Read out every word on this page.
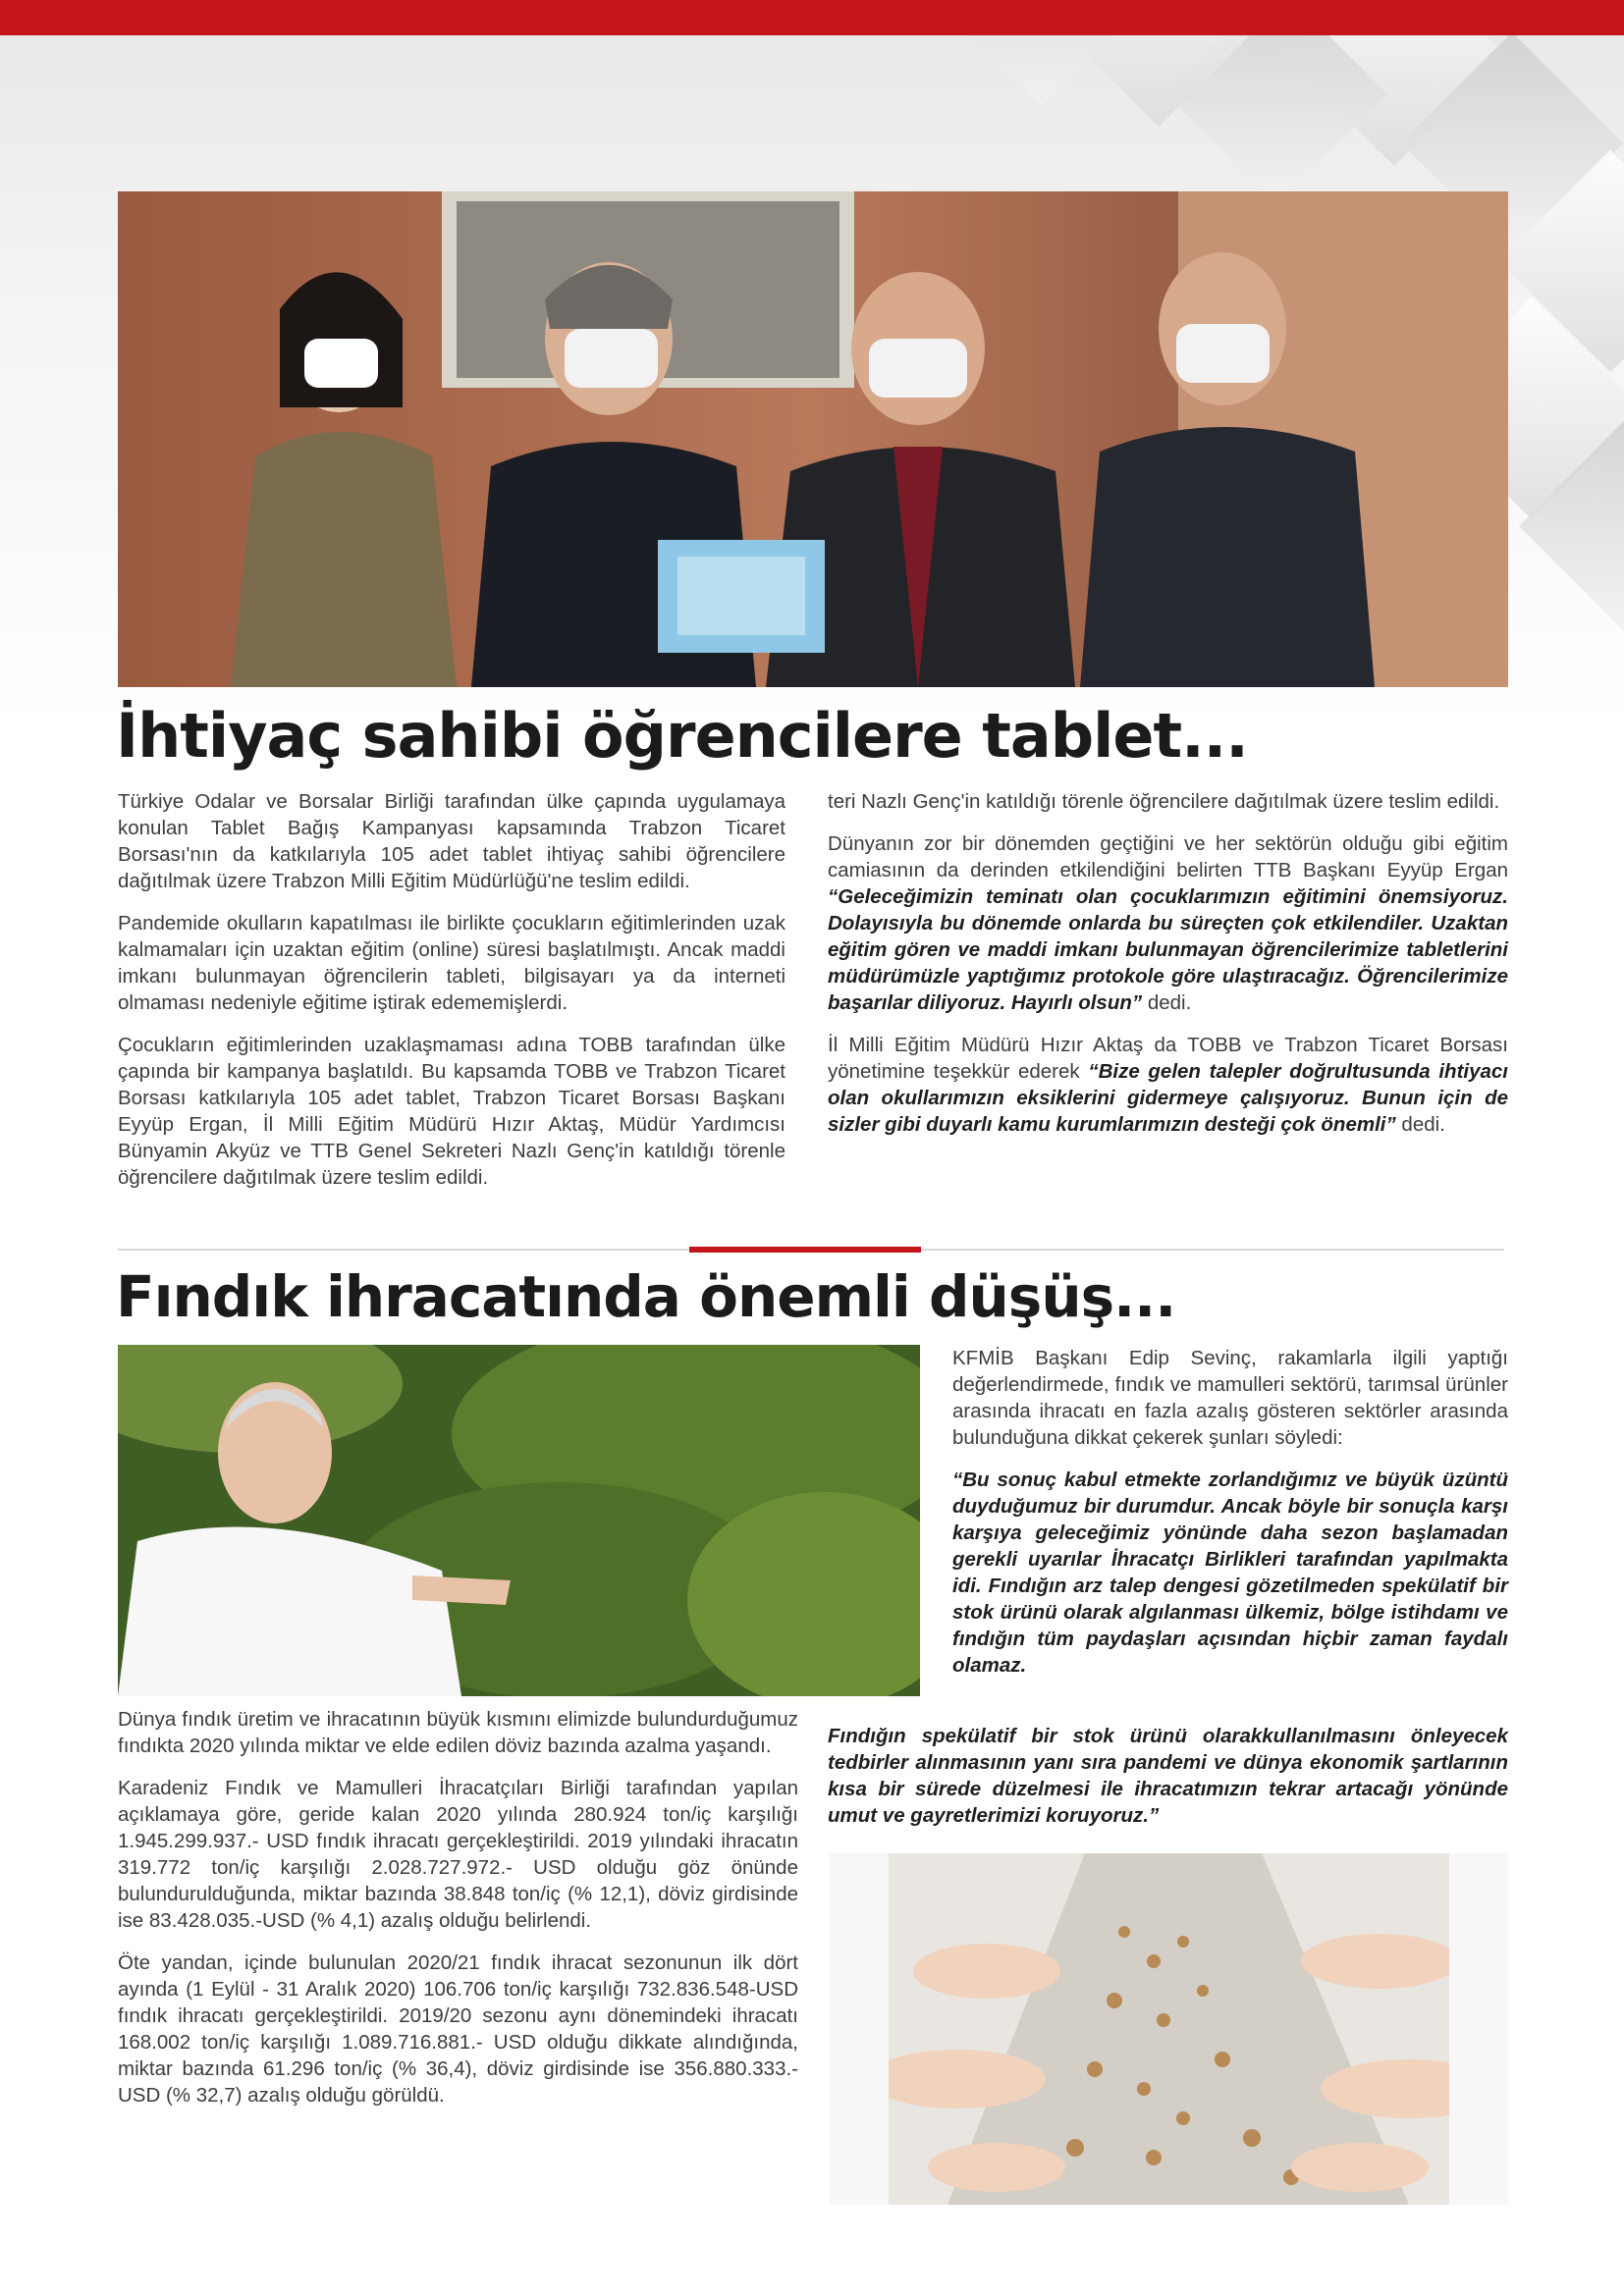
İhtiyaç sahibi öğrencilere tablet...

Türkiye Odalar ve Borsalar Birliği tarafından ülke çapında uygulamaya konulan Tablet Bağış Kampanyası kapsamında Trabzon Ticaret Borsası'nın da katkılarıyla 105 adet tablet ihtiyaç sahibi öğrencilere dağıtılmak üzere Trabzon Milli Eğitim Müdürlüğü'ne teslim edildi.

Pandemide okulların kapatılması ile birlikte çocukların eğitimlerinden uzak kalmamaları için uzaktan eğitim (online) süresi başlatılmıştı. Ancak maddi imkanı bulunmayan öğrencilerin tableti, bilgisayarı ya da interneti olmaması nedeniyle eğitime iştirak edememişlerdi.

Çocukların eğitimlerinden uzaklaşmaması adına TOBB tarafından ülke çapında bir kampanya başlatıldı. Bu kapsamda TOBB ve Trabzon Ticaret Borsası katkılarıyla 105 adet tablet, Trabzon Ticaret Borsası Başkanı Eyyüp Ergan, İl Milli Eğitim Müdürü Hızır Aktaş, Müdür Yardımcısı Bünyamin Akyüz ve TTB Genel Sekreteri Nazlı Genç'in katıldığı törenle öğrencilere dağıtılmak üzere teslim edildi.

teri Nazlı Genç'in katıldığı törenle öğrencilere dağıtılmak üzere teslim edildi.

Dünyanın zor bir dönemden geçtiğini ve her sektörün olduğu gibi eğitim camiasının da derinden etkilendiğini belirten TTB Başkanı Eyyüp Ergan “Geleceğimizin teminatı olan çocuklarımızın eğitimini önemsiyoruz. Dolayısıyla bu dönemde onlarda bu süreçten çok etkilendiler. Uzaktan eğitim gören ve maddi imkanı bulunmayan öğrencilerimize tabletlerini müdürümüzle yaptığımız protokole göre ulaştıracağız. Öğrencilerimize başarılar diliyoruz. Hayırlı olsun” dedi.

İl Milli Eğitim Müdürü Hızır Aktaş da TOBB ve Trabzon Ticaret Borsası yönetimine teşekkür ederek “Bize gelen talepler doğrultusunda ihtiyacı olan okullarımızın eksiklerini gidermeye çalışıyoruz. Bunun için de sizler gibi duyarlı kamu kurumlarımızın desteği çok önemli” dedi.

Fındık ihracatında önemli düşüş...

Dünya fındık üretim ve ihracatının büyük kısmını elimizde bulundurduğumuz fındıkta 2020 yılında miktar ve elde edilen döviz bazında azalma yaşandı.

Karadeniz Fındık ve Mamulleri İhracatçıları Birliği tarafından yapılan açıklamaya göre, geride kalan 2020 yılında 280.924 ton/iç karşılığı 1.945.299.937.- USD fındık ihracatı gerçekleştirildi. 2019 yılındaki ihracatın 319.772 ton/iç karşılığı 2.028.727.972.- USD olduğu göz önünde bulundurulduğunda, miktar bazında 38.848 ton/iç (% 12,1), döviz girdisinde ise 83.428.035.-USD (% 4,1) azalış olduğu belirlendi.

Öte yandan, içinde bulunulan 2020/21 fındık ihracat sezonunun ilk dört ayında (1 Eylül - 31 Aralık 2020) 106.706 ton/iç karşılığı 732.836.548-USD fındık ihracatı gerçekleştirildi. 2019/20 sezonu aynı dönemindeki ihracatı 168.002 ton/iç karşılığı 1.089.716.881.- USD olduğu dikkate alındığında, miktar bazında 61.296 ton/iç (% 36,4), döviz girdisinde ise 356.880.333.-USD (% 32,7) azalış olduğu görüldü.

KFMİB Başkanı Edip Sevinç, rakamlarla ilgili yaptığı değerlendirmede, fındık ve mamulleri sektörü, tarımsal ürünler arasında ihracatı en fazla azalış gösteren sektörler arasında bulunduğuna dikkat çekerek şunları söyledi:

“Bu sonuç kabul etmekte zorlandığımız ve büyük üzüntü duyduğumuz bir durumdur. Ancak böyle bir sonuçla karşı karşıya geleceğimiz yönünde daha sezon başlamadan gerekli uyarılar İhracatçı Birlikleri tarafından yapılmakta idi. Fındığın arz talep dengesi gözetilmeden spekülatif bir stok ürünü olarak algılanması ülkemiz, bölge istihdamı ve fındığın tüm paydaşları açısından hiçbir zaman faydalı olamaz.

Fındığın spekülatif bir stok ürünü olarakkullanılmasını önleyecek tedbirler alınmasının yanı sıra pandemi ve dünya ekonomik şartlarının kısa bir sürede düzelmesi ile ihracatımızın tekrar artacağı yönünde umut ve gayretlerimizi koruyoruz.”
